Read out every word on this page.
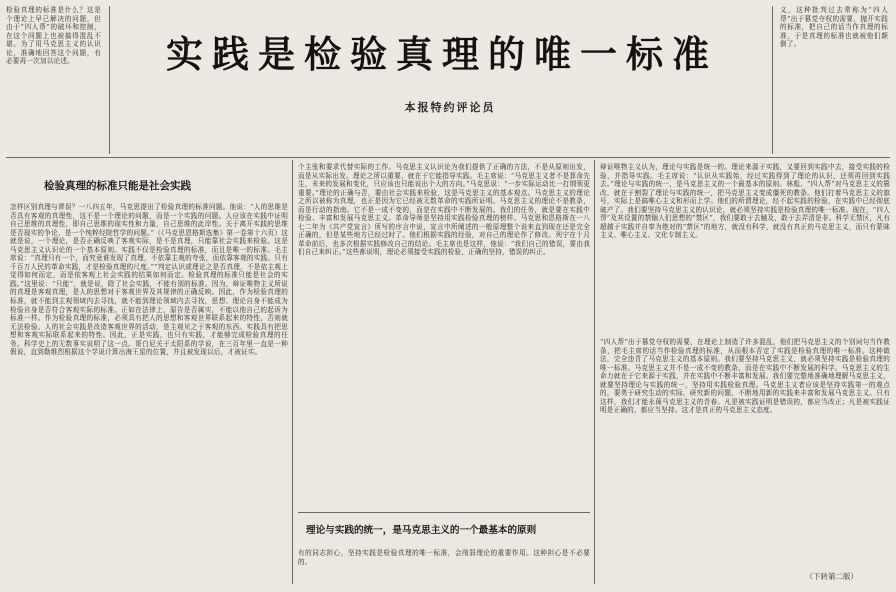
检验真理的标准是什么？这是个理论上早已解决的问题，但由于“四人帮”的破坏和控制，在这个问题上也被搞得混乱不堪。为了用马克思主义的认识论，准确地回答这个问题，有必要再一次加以论述。	实践是检验真理的唯一标准
本报特约评论员
义，这种批判过去常称为“四人帮”出于篡党夺权的需要，抛开实践的标准，把自己的话当作真理的标准，于是真理的标准也就被他们颠倒了。
检验真理的标准只能是社会实践
怎样区别真理与谬误？一八四五年，马克思提出了检验真理的标准问题。他说：“人的思维是否具有客观的真理性，这不是一个理论的问题，而是一个实践的问题。人应该在实践中证明自己思维的真理性，即自己思维的现实性和力量，自己思维的此岸性。关于离开实践的思维是否现实的争论，是一个纯粹经院哲学的问题。”（《马克思恩格斯选集》第一卷第十六页）这就是说，一个理论，是否正确反映了客观实际，是不是真理，只能靠社会实践来检验。这是马克思主义认识论的一个基本原则。实践不仅是检验真理的标准，而且是唯一的标准。毛主席说：“真理只有一个，而究竟谁发现了真理，不依靠主观的夸张，而依靠客观的实践。只有千百万人民的革命实践，才是检验真理的尺度。”“判定认识或理论之是否真理，不是依主观上觉得如何而定，而是依客观上社会实践的结果如何而定。检验真理的标准只能是社会的实践。”这里说：“只能”，就是说，除了社会实践，不能有别的标准。因为，辩证唯物主义所说的真理是客观真理，是人的思想对于客观世界及其规律的正确反映。因此，作为检验真理的标准，就不能到主观领域内去寻找，就不能到理论领域内去寻找，思想、理论自身不能成为检验自身是否符合客观实际的标准。正如在法律上，原告是否属实，不能以他自己的起诉为标准一样。作为检验真理的标准，必须具有把人的思想和客观世界联系起来的特性，否则就无法检验。人的社会实践是改造客观世界的活动，是主观见之于客观的东西。实践具有把思想和客观实际联系起来的特性。因此，正是实践，也只有实践，才能够完成检验真理的任务。科学史上的无数事实说明了这一点。哥白尼关于太阳系的学说，在三百年里一直是一种假说，直到勒维烈根据这个学说计算出海王星的位置，并且被发现以后，才被证实。
个主张和要求代替实际的工作。马克思主义认识论为我们提供了正确的方法，不是从原则出发，而是从实际出发。理论之所以重要，就在于它能指导实践。毛主席说：“马克思主义者不是算命先生，未来的发展和变化，只应该也只能说出个大的方向。”马克思说：“一步实际运动比一打纲领更重要。”理论的正确与否，要由社会实践来检验，这是马克思主义的基本观点。马克思主义的理论之所以被称为真理，也正是因为它已经被无数革命的实践所证明。马克思主义的理论不是教条，而是行动的指南。它不是一成不变的，而是在实践中不断发展的。我们的任务，就是要在实践中检验、丰富和发展马克思主义。革命导师是坚持用实践检验真理的榜样。马克思和恩格斯在一八七二年为《共产党宣言》所写的序言中说，宣言中所阐述的一般原理整个说来直到现在还是完全正确的，但是某些地方已经过时了。他们根据实践的经验，对自己的理论作了修改。列宁在十月革命前后，也多次根据实践修改自己的结论。毛主席也是这样，他说：“我们自己的错误，要由我们自己来纠正。”这些都说明，理论必须接受实践的检验，正确的坚持，错误的纠正。
理论与实践的统一，是马克思主义的一个最基本的原则
有的同志担心，坚持实践是检验真理的唯一标准，会削弱理论的重要作用。这种担心是不必要的。
辩证唯物主义认为，理论与实践是统一的。理论来源于实践，又要回到实践中去，接受实践的检验，并指导实践。毛主席说：“认识从实践始，经过实践得到了理论的认识，还须再回到实践去。”理论与实践的统一，是马克思主义的一个最基本的原则。林彪、“四人帮”对马克思主义的篡改，就在于割裂了理论与实践的统一，把马克思主义变成僵死的教条。他们打着马克思主义的旗号，实际上是搞唯心主义和形而上学。他们的所谓理论，经不起实践的检验，在实践中已经彻底破产了。我们要坚持马克思主义的认识论，就必须坚持实践是检验真理的唯一标准。现在，“四人帮”及其设置的禁锢人们思想的“禁区”，我们要敢于去触及，敢于去弄清是非。科学无禁区，凡有超越于实践并自奉为绝对的“禁区”的地方，就没有科学，就没有真正的马克思主义，而只有蒙昧主义、唯心主义、文化专制主义。
“四人帮”出于篡党夺权的需要，在理论上制造了许多混乱，他们把马克思主义的个别词句当作教条，把毛主席的话当作检验真理的标准，从而根本否定了实践是检验真理的唯一标准。这种做法，完全违背了马克思主义的基本原则。我们要坚持马克思主义，就必须坚持实践是检验真理的唯一标准。马克思主义并不是一成不变的教条，而是在实践中不断发展的科学。马克思主义的生命力就在于它来源于实践，并在实践中不断丰富和发展。我们要完整地准确地理解马克思主义，就要坚持理论与实践的统一，坚持用实践检验真理。马克思主义者应该是坚持实践第一的观点的，要勇于研究生动的实际，研究新的问题，不断地用新的实践来丰富和发展马克思主义。只有这样，我们才能永葆马克思主义的青春。凡是被实践证明是错误的，都应当改正；凡是被实践证明是正确的，都应当坚持。这才是真正的马克思主义态度。
（下转第二版）
